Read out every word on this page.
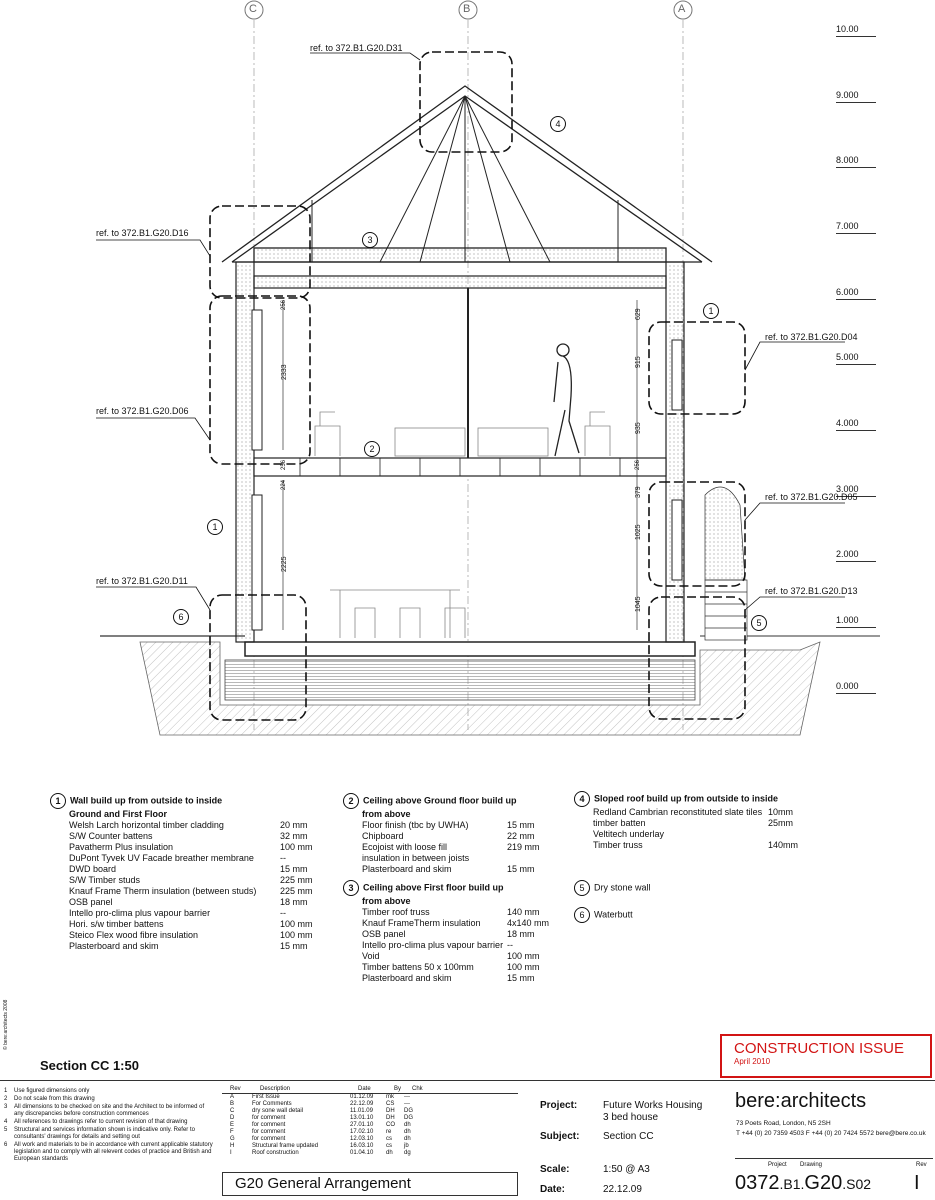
C	B	A
10.00
9.000
8.000
7.000
6.000
5.000
4.000
3.000
2.000
1.000
0.000
ref. to 372.B1.G20.D31
ref. to 372.B1.G20.D16
ref. to 372.B1.G20.D06
ref. to 372.B1.G20.D11
ref. to 372.B1.G20.D04
ref. to 372.B1.G20.D05
ref. to 372.B1.G20.D13
1
2
3
4
1
6
5
2333
2225
629
915
935
379
1025
1045
256
224
256
256
1 Wall build up from outside to inside
Ground and First Floor
Welsh Larch horizontal timber cladding	20 mm
S/W Counter battens	32 mm
Pavatherm Plus insulation	100 mm
DuPont Tyvek UV Facade breather membrane	--
DWD board	15 mm
S/W Timber studs	225 mm
Knauf Frame Therm insulation (between studs)	225 mm
OSB panel	18 mm
Intello pro-clima plus vapour barrier	--
Hori. s/w timber battens	100 mm
Steico Flex wood fibre insulation	100 mm
Plasterboard and skim	15 mm
2 Ceiling above Ground floor build up
from above
Floor finish (tbc by UWHA)	15 mm
Chipboard	22 mm
Ecojoist with loose fill	219 mm
insulation in between joists
Plasterboard and skim	15 mm
3 Ceiling above First floor build up
from above
Timber roof truss	140 mm
Knauf FrameTherm insulation	4x140 mm
OSB panel	18 mm
Intello pro-clima plus vapour barrier --
Void	100 mm
Timber battens 50 x 100mm	100 mm
Plasterboard and skim	15 mm
4 Sloped roof build up from outside to inside
Redland Cambrian reconstituted slate tiles 10mm
timber batten	25mm
Veltitech underlay
Timber truss	140mm
5 Dry stone wall
6 Waterbutt
© bere:architects 2008
Section CC 1:50
CONSTRUCTION ISSUE
April 2010
1	Use figured dimensions only
2	Do not scale from this drawing
3	All dimensions to be checked on site and the Architect to be informed of any discrepancies before construction commences
4	All references to drawings refer to current revision of that drawing
5	Structural and services information shown is indicative only. Refer to consultants' drawings for details and setting out
6	All work and materials to be in accordance with current applicable statutory legislation and to comply with all relevent codes of practice and British and European standards
Rev	Description	Date	By	Chk
A	First Issue	01.12.09	mk	---
B	For Comments	22.12.09	CS	---
C	dry sone wall detail	11.01.09	DH	DG
D	for comment	13.01.10	DH	DG
E	for comment	27.01.10	CO	dh
F	for comment	17.02.10	re	dh
G	for comment	12.03.10	cs	dh
H	Structural frame updated	16.03.10	cs	jb
I	Roof construction	01.04.10	dh	dg
G20 General Arrangement
Project:	Future Works Housing
3 bed house
Subject: Section CC
Scale:	1:50 @ A3
Date:	22.12.09
bere:architects
73 Poets Road, London, N5 2SH
T +44 (0) 20 7359 4503 F +44 (0) 20 7424 5572 bere@bere.co.uk
Project Drawing	Rev
0372.B1.G20.S02 I
